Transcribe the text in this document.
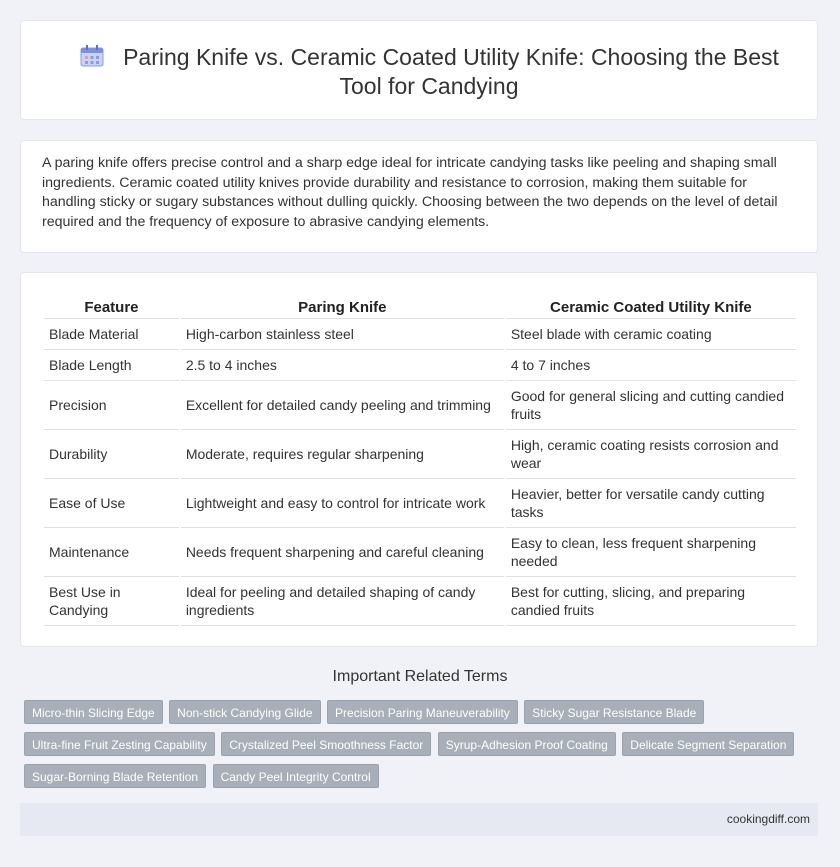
Paring Knife vs. Ceramic Coated Utility Knife: Choosing the Best Tool for Candying

A paring knife offers precise control and a sharp edge ideal for intricate candying tasks like peeling and shaping small ingredients. Ceramic coated utility knives provide durability and resistance to corrosion, making them suitable for handling sticky or sugary substances without dulling quickly. Choosing between the two depends on the level of detail required and the frequency of exposure to abrasive candying elements.

Feature	Paring Knife	Ceramic Coated Utility Knife
Blade Material	High-carbon stainless steel	Steel blade with ceramic coating
Blade Length	2.5 to 4 inches	4 to 7 inches
Precision	Excellent for detailed candy peeling and trimming	Good for general slicing and cutting candied fruits
Durability	Moderate, requires regular sharpening	High, ceramic coating resists corrosion and wear
Ease of Use	Lightweight and easy to control for intricate work	Heavier, better for versatile candy cutting tasks
Maintenance	Needs frequent sharpening and careful cleaning	Easy to clean, less frequent sharpening needed
Best Use in Candying	Ideal for peeling and detailed shaping of candy ingredients	Best for cutting, slicing, and preparing candied fruits
Important Related Terms
Micro-thin Slicing Edge Non-stick Candying Glide Precision Paring Maneuverability Sticky Sugar Resistance Blade Ultra-fine Fruit Zesting Capability Crystalized Peel Smoothness Factor Syrup-Adhesion Proof Coating Delicate Segment Separation Sugar-Borning Blade Retention Candy Peel Integrity Control
cookingdiff.com
